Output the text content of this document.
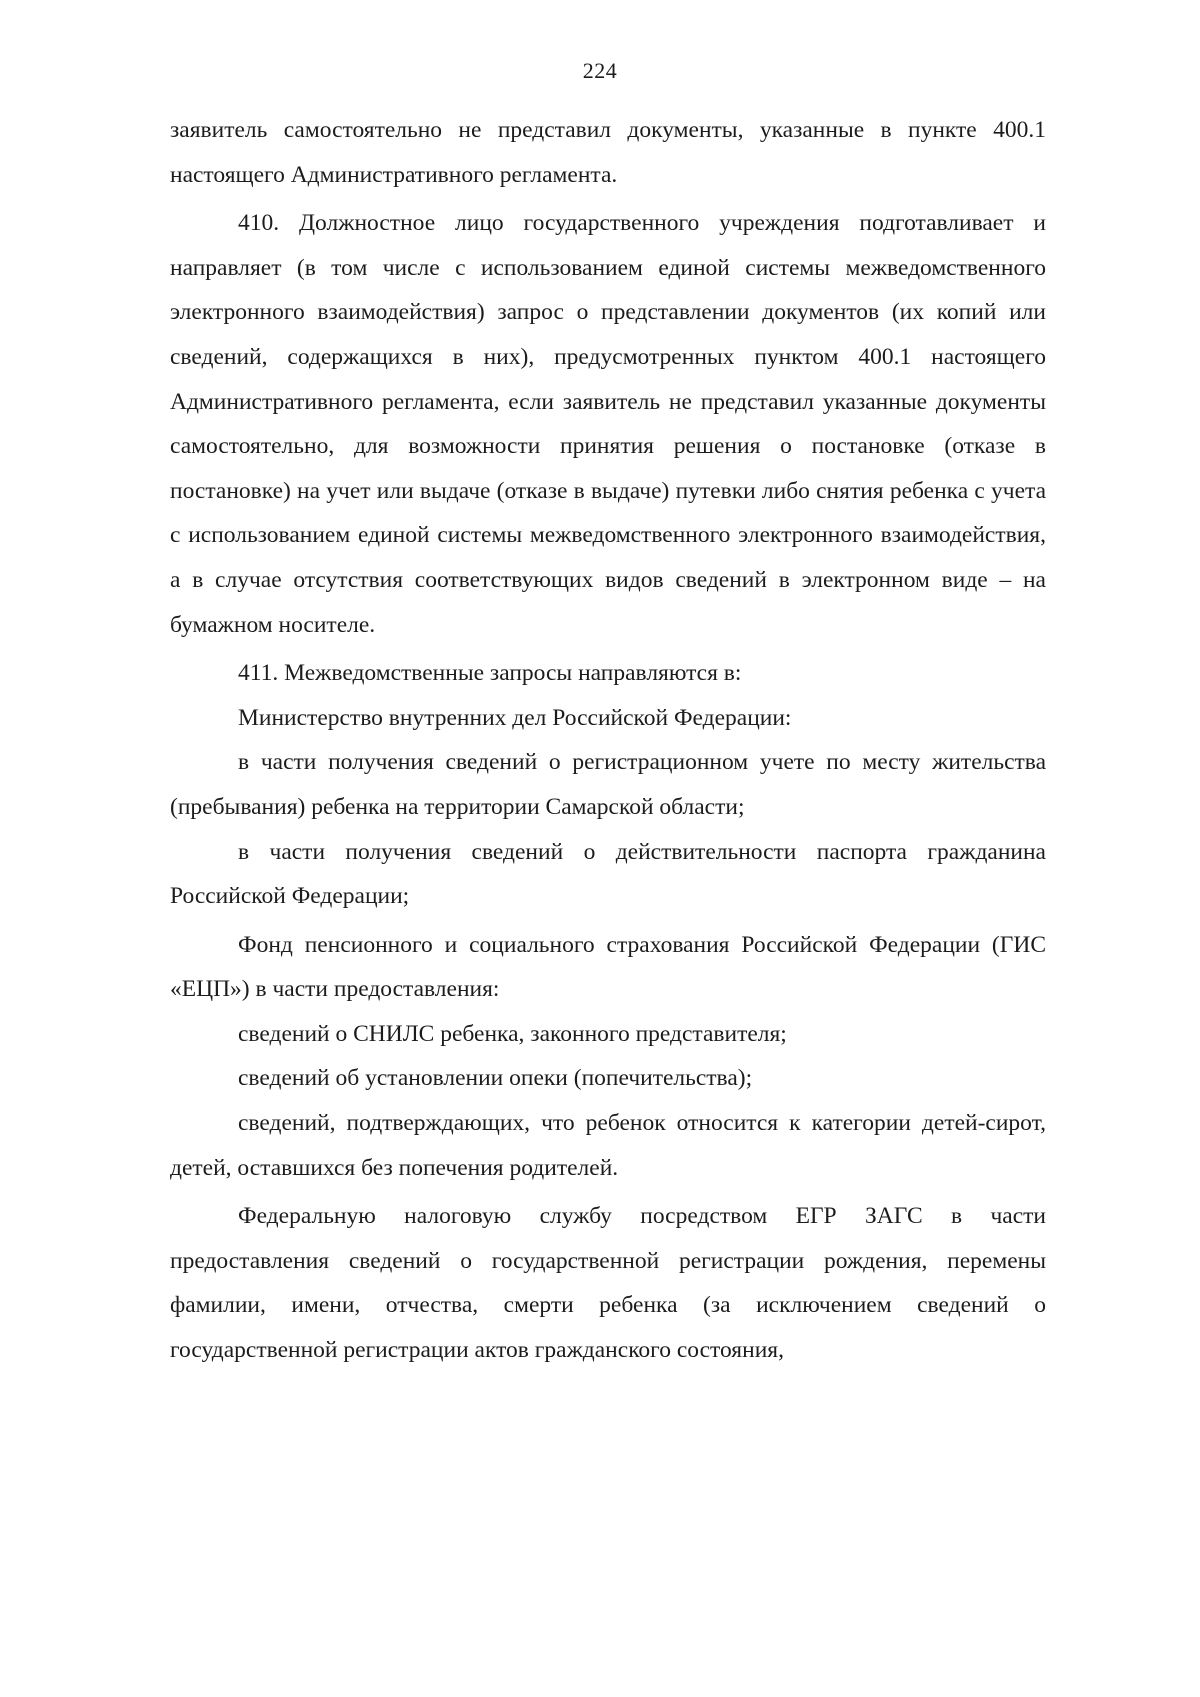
224

заявитель самостоятельно не представил документы, указанные в пункте 400.1 настоящего Административного регламента.

410. Должностное лицо государственного учреждения подготавливает и направляет (в том числе с использованием единой системы межведомственного электронного взаимодействия) запрос о представлении документов (их копий или сведений, содержащихся в них), предусмотренных пунктом 400.1 настоящего Административного регламента, если заявитель не представил указанные документы самостоятельно, для возможности принятия решения о постановке (отказе в постановке) на учет или выдаче (отказе в выдаче) путевки либо снятия ребенка с учета с использованием единой системы межведомственного электронного взаимодействия, а в случае отсутствия соответствующих видов сведений в электронном виде – на бумажном носителе.

411. Межведомственные запросы направляются в:

Министерство внутренних дел Российской Федерации:

в части получения сведений о регистрационном учете по месту жительства (пребывания) ребенка на территории Самарской области;

в части получения сведений о действительности паспорта гражданина Российской Федерации;

Фонд пенсионного и социального страхования Российской Федерации (ГИС «ЕЦП») в части предоставления:

сведений о СНИЛС ребенка, законного представителя;

сведений об установлении опеки (попечительства);

сведений, подтверждающих, что ребенок относится к категории детей-сирот, детей, оставшихся без попечения родителей.

Федеральную налоговую службу посредством ЕГР ЗАГС в части предоставления сведений о государственной регистрации рождения, перемены фамилии, имени, отчества, смерти ребенка (за исключением сведений о государственной регистрации актов гражданского состояния,
